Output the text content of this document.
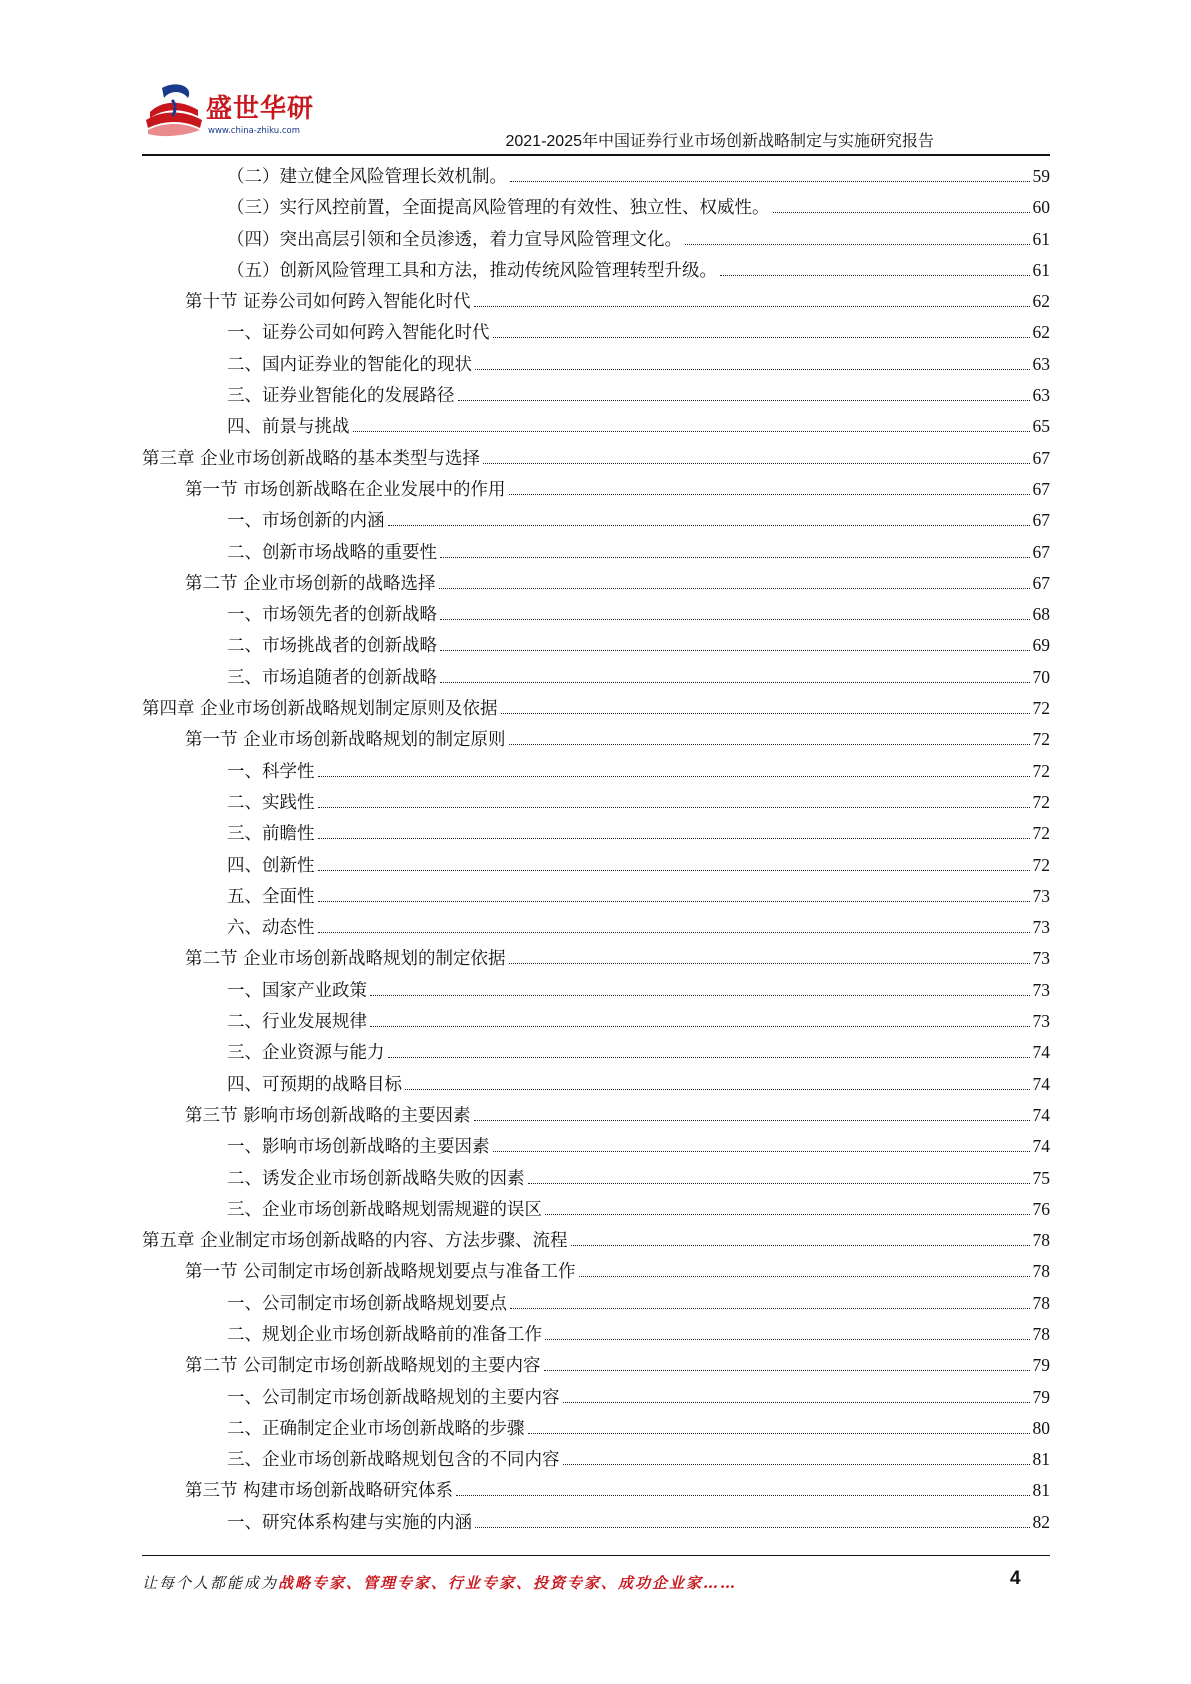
盛世华研
www.china-zhiku.com
2021-2025年中国证券行业市场创新战略制定与实施研究报告
（二）建立健全风险管理长效机制。	59
（三）实行风控前置，全面提高风险管理的有效性、独立性、权威性。	60
（四）突出高层引领和全员渗透，着力宣导风险管理文化。	61
（五）创新风险管理工具和方法，推动传统风险管理转型升级。	61
第十节 证券公司如何跨入智能化时代	62
一、证券公司如何跨入智能化时代	62
二、国内证券业的智能化的现状	63
三、证券业智能化的发展路径	63
四、前景与挑战	65
第三章 企业市场创新战略的基本类型与选择	67
第一节 市场创新战略在企业发展中的作用	67
一、市场创新的内涵	67
二、创新市场战略的重要性	67
第二节 企业市场创新的战略选择	67
一、市场领先者的创新战略	68
二、市场挑战者的创新战略	69
三、市场追随者的创新战略	70
第四章 企业市场创新战略规划制定原则及依据	72
第一节 企业市场创新战略规划的制定原则	72
一、科学性	72
二、实践性	72
三、前瞻性	72
四、创新性	72
五、全面性	73
六、动态性	73
第二节 企业市场创新战略规划的制定依据	73
一、国家产业政策	73
二、行业发展规律	73
三、企业资源与能力	74
四、可预期的战略目标	74
第三节 影响市场创新战略的主要因素	74
一、影响市场创新战略的主要因素	74
二、诱发企业市场创新战略失败的因素	75
三、企业市场创新战略规划需规避的误区	76
第五章 企业制定市场创新战略的内容、方法步骤、流程	78
第一节 公司制定市场创新战略规划要点与准备工作	78
一、公司制定市场创新战略规划要点	78
二、规划企业市场创新战略前的准备工作	78
第二节 公司制定市场创新战略规划的主要内容	79
一、公司制定市场创新战略规划的主要内容	79
二、正确制定企业市场创新战略的步骤	80
三、企业市场创新战略规划包含的不同内容	81
第三节 构建市场创新战略研究体系	81
一、研究体系构建与实施的内涵	82
让每个人都能成为战略专家、管理专家、行业专家、投资专家、成功企业家……	4
